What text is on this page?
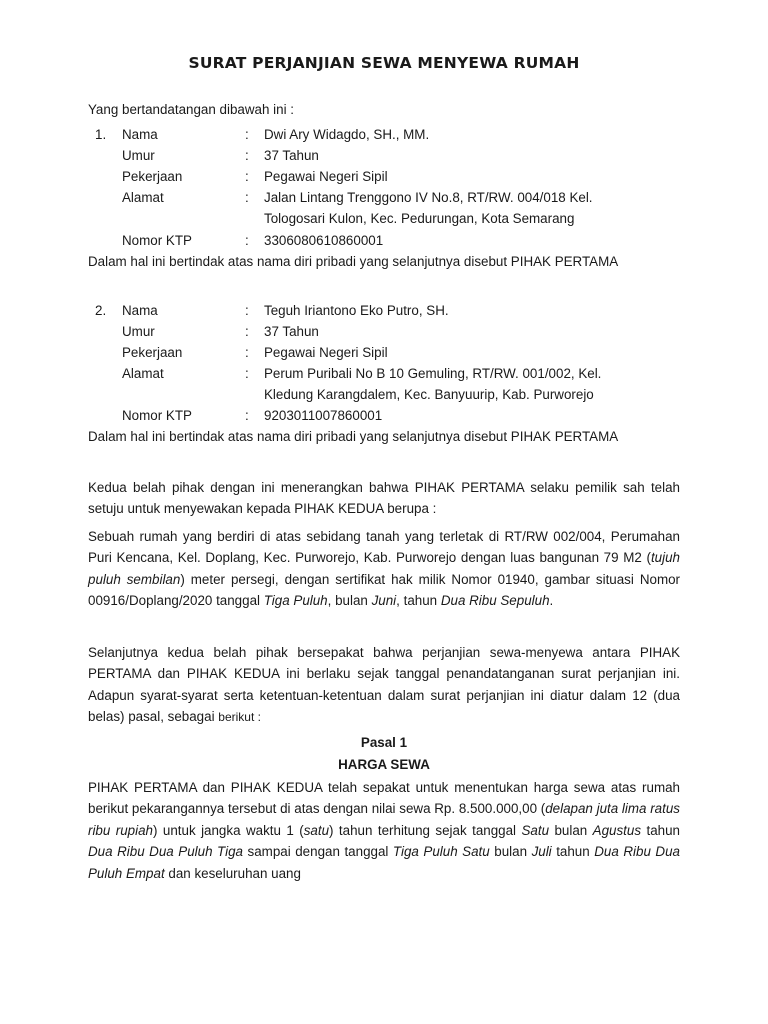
SURAT PERJANJIAN SEWA MENYEWA RUMAH
Yang bertandatangan dibawah ini :
1. Nama	: Dwi Ary Widagdo, SH., MM.
Umur	: 37 Tahun
Pekerjaan	: Pegawai Negeri Sipil
Alamat	: Jalan Lintang Trenggono IV No.8, RT/RW. 004/018 Kel.
Tologosari Kulon, Kec. Pedurungan, Kota Semarang
Nomor KTP	: 3306080610860001
Dalam hal ini bertindak atas nama diri pribadi yang selanjutnya disebut PIHAK PERTAMA
2. Nama	: Teguh Iriantono Eko Putro, SH.
Umur	: 37 Tahun
Pekerjaan	: Pegawai Negeri Sipil
Alamat	: Perum Puribali No B 10 Gemuling, RT/RW. 001/002, Kel.
Kledung Karangdalem, Kec. Banyuurip, Kab. Purworejo
Nomor KTP	: 9203011007860001
Dalam hal ini bertindak atas nama diri pribadi yang selanjutnya disebut PIHAK PERTAMA
Kedua belah pihak dengan ini menerangkan bahwa PIHAK PERTAMA selaku pemilik sah telah setuju untuk menyewakan kepada PIHAK KEDUA berupa :
Sebuah rumah yang berdiri di atas sebidang tanah yang terletak di RT/RW 002/004, Perumahan Puri Kencana, Kel. Doplang, Kec. Purworejo, Kab. Purworejo dengan luas bangunan 79 M2 (tujuh puluh sembilan) meter persegi, dengan sertifikat hak milik Nomor 01940, gambar situasi Nomor 00916/Doplang/2020 tanggal Tiga Puluh, bulan Juni, tahun Dua Ribu Sepuluh.
Selanjutnya kedua belah pihak bersepakat bahwa perjanjian sewa-menyewa antara PIHAK PERTAMA dan PIHAK KEDUA ini berlaku sejak tanggal penandatanganan surat perjanjian ini. Adapun syarat-syarat serta ketentuan-ketentuan dalam surat perjanjian ini diatur dalam 12 (dua belas) pasal, sebagai berikut :
Pasal 1
HARGA SEWA
PIHAK PERTAMA dan PIHAK KEDUA telah sepakat untuk menentukan harga sewa atas rumah berikut pekarangannya tersebut di atas dengan nilai sewa Rp. 8.500.000,00 (delapan juta lima ratus ribu rupiah) untuk jangka waktu 1 (satu) tahun terhitung sejak tanggal Satu bulan Agustus tahun Dua Ribu Dua Puluh Tiga sampai dengan tanggal Tiga Puluh Satu bulan Juli tahun Dua Ribu Dua Puluh Empat dan keseluruhan uang
